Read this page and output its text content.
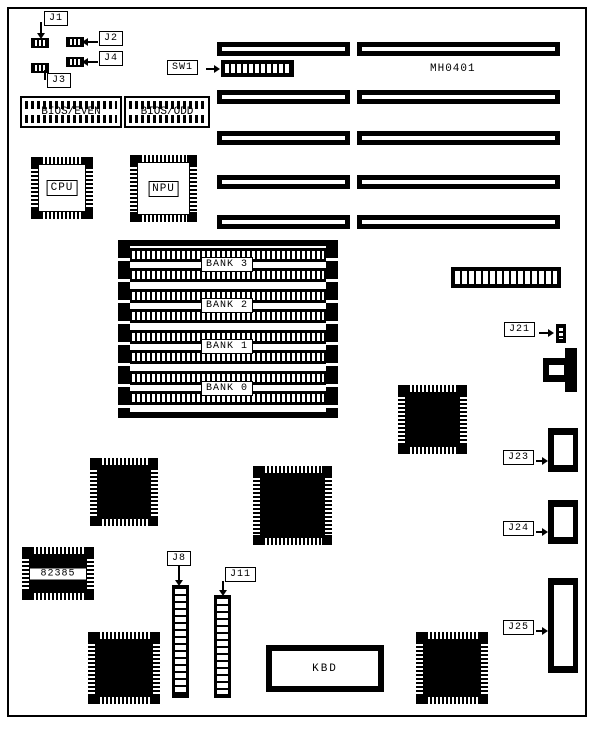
MH0401
SW1
J1
J2
J4
J3
BIOS/EVEN	BIOS/ODD
CPU	NPU
BANK 3
BANK 2
BANK 1
BANK 0
J21
J23
J24
J25
82385
J8
J11
KBD
